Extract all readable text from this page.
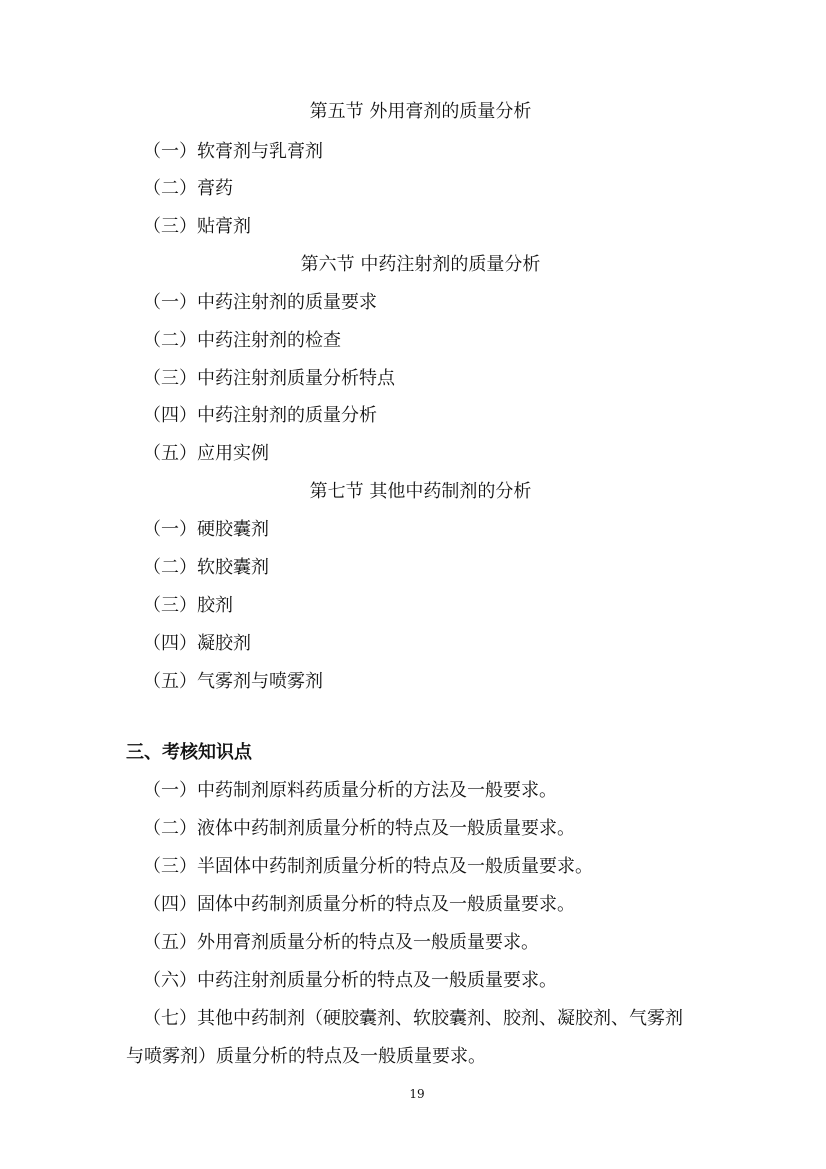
第五节 外用膏剂的质量分析
（一）软膏剂与乳膏剂
（二）膏药
（三）贴膏剂
第六节 中药注射剂的质量分析
（一）中药注射剂的质量要求
（二）中药注射剂的检查
（三）中药注射剂质量分析特点
（四）中药注射剂的质量分析
（五）应用实例
第七节 其他中药制剂的分析
（一）硬胶囊剂
（二）软胶囊剂
（三）胶剂
（四）凝胶剂
（五）气雾剂与喷雾剂
三、考核知识点
（一）中药制剂原料药质量分析的方法及一般要求。
（二）液体中药制剂质量分析的特点及一般质量要求。
（三）半固体中药制剂质量分析的特点及一般质量要求。
（四）固体中药制剂质量分析的特点及一般质量要求。
（五）外用膏剂质量分析的特点及一般质量要求。
（六）中药注射剂质量分析的特点及一般质量要求。
（七）其他中药制剂（硬胶囊剂、软胶囊剂、胶剂、凝胶剂、气雾剂
与喷雾剂）质量分析的特点及一般质量要求。
19
